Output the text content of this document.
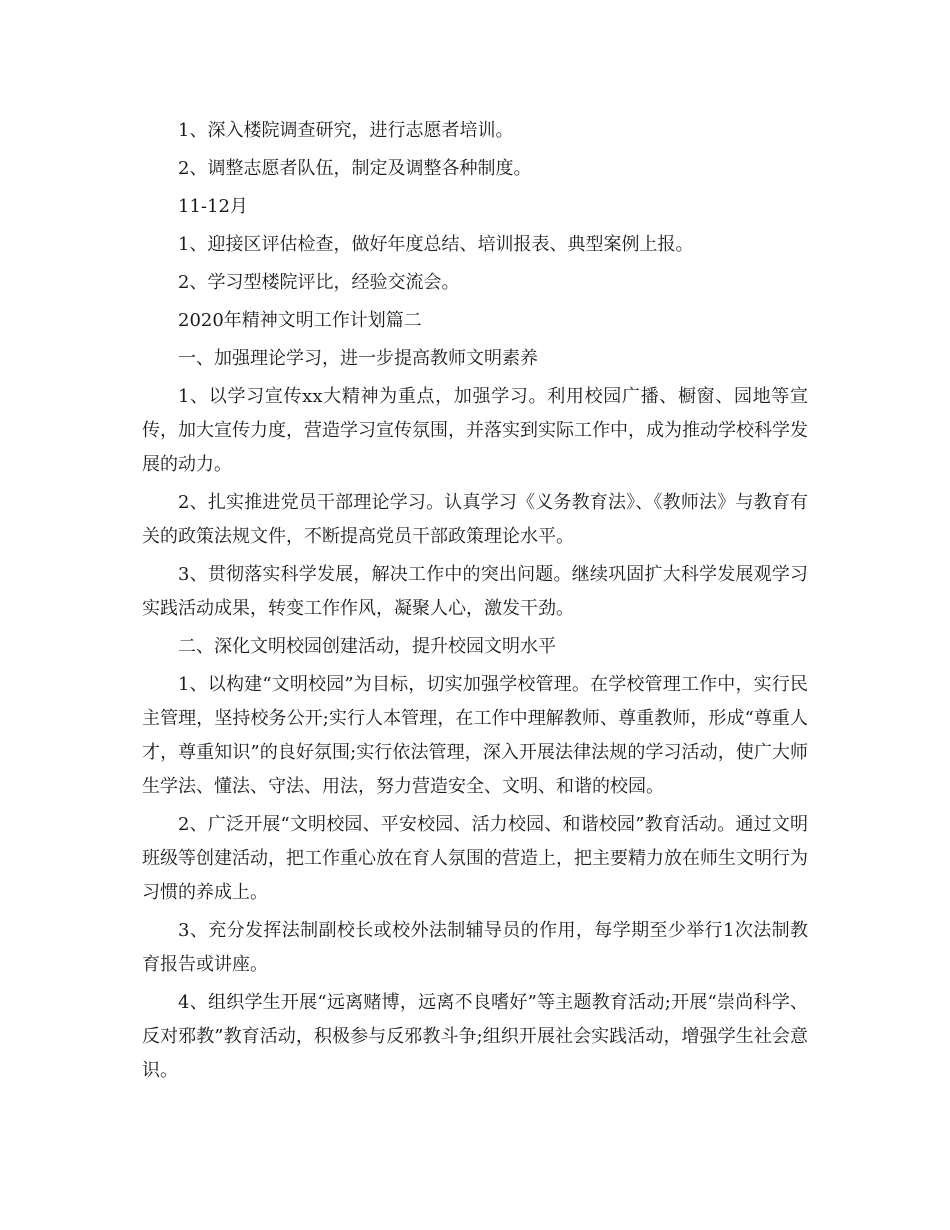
1、深入楼院调查研究，进行志愿者培训。

2、调整志愿者队伍，制定及调整各种制度。

11-12月

1、迎接区评估检查，做好年度总结、培训报表、典型案例上报。

2、学习型楼院评比，经验交流会。

2020年精神文明工作计划篇二

一、加强理论学习，进一步提高教师文明素养

1、以学习宣传xx大精神为重点，加强学习。利用校园广播、橱窗、园地等宣传，加大宣传力度，营造学习宣传氛围，并落实到实际工作中，成为推动学校科学发展的动力。

2、扎实推进党员干部理论学习。认真学习《义务教育法》、《教师法》与教育有关的政策法规文件，不断提高党员干部政策理论水平。

3、贯彻落实科学发展，解决工作中的突出问题。继续巩固扩大科学发展观学习实践活动成果，转变工作作风，凝聚人心，激发干劲。

二、深化文明校园创建活动，提升校园文明水平

1、以构建“文明校园”为目标，切实加强学校管理。在学校管理工作中，实行民主管理，坚持校务公开;实行人本管理，在工作中理解教师、尊重教师，形成“尊重人才，尊重知识”的良好氛围;实行依法管理，深入开展法律法规的学习活动，使广大师生学法、懂法、守法、用法，努力营造安全、文明、和谐的校园。

2、广泛开展“文明校园、平安校园、活力校园、和谐校园”教育活动。通过文明班级等创建活动，把工作重心放在育人氛围的营造上，把主要精力放在师生文明行为习惯的养成上。

3、充分发挥法制副校长或校外法制辅导员的作用，每学期至少举行1次法制教育报告或讲座。

4、组织学生开展“远离赌博，远离不良嗜好”等主题教育活动;开展“崇尚科学、反对邪教”教育活动，积极参与反邪教斗争;组织开展社会实践活动，增强学生社会意识。
